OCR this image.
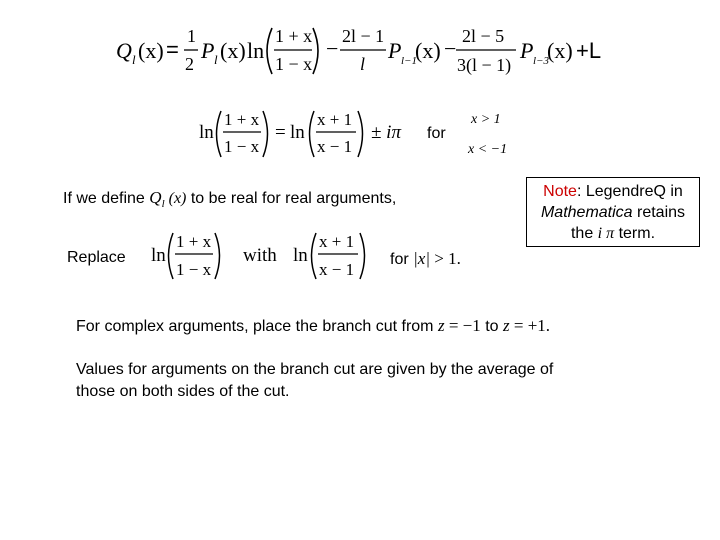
Q l (x) =
1
2
P l (x) ln
1 + x
1 − x
− 2l − 1
l
P l−1
(x) − 2l − 5
3(l − 1)
P l−3
(x) +L
ln
1 + x
1 − x
= ln
x + 1
x − 1
± iπ for
x > 1
x < −1
If we define $Q_l$ (x) to be real for real arguments,
Replace ln
1 + x
1 − x
with ln
x + 1
x − 1
for |x| > 1.
Note: LegendreQ in
Mathematica retains
the i π term.
For complex arguments, place the branch cut from z = −1 to z = +1.
Values for arguments on the branch cut are given by the average of
those on both sides of the cut.
